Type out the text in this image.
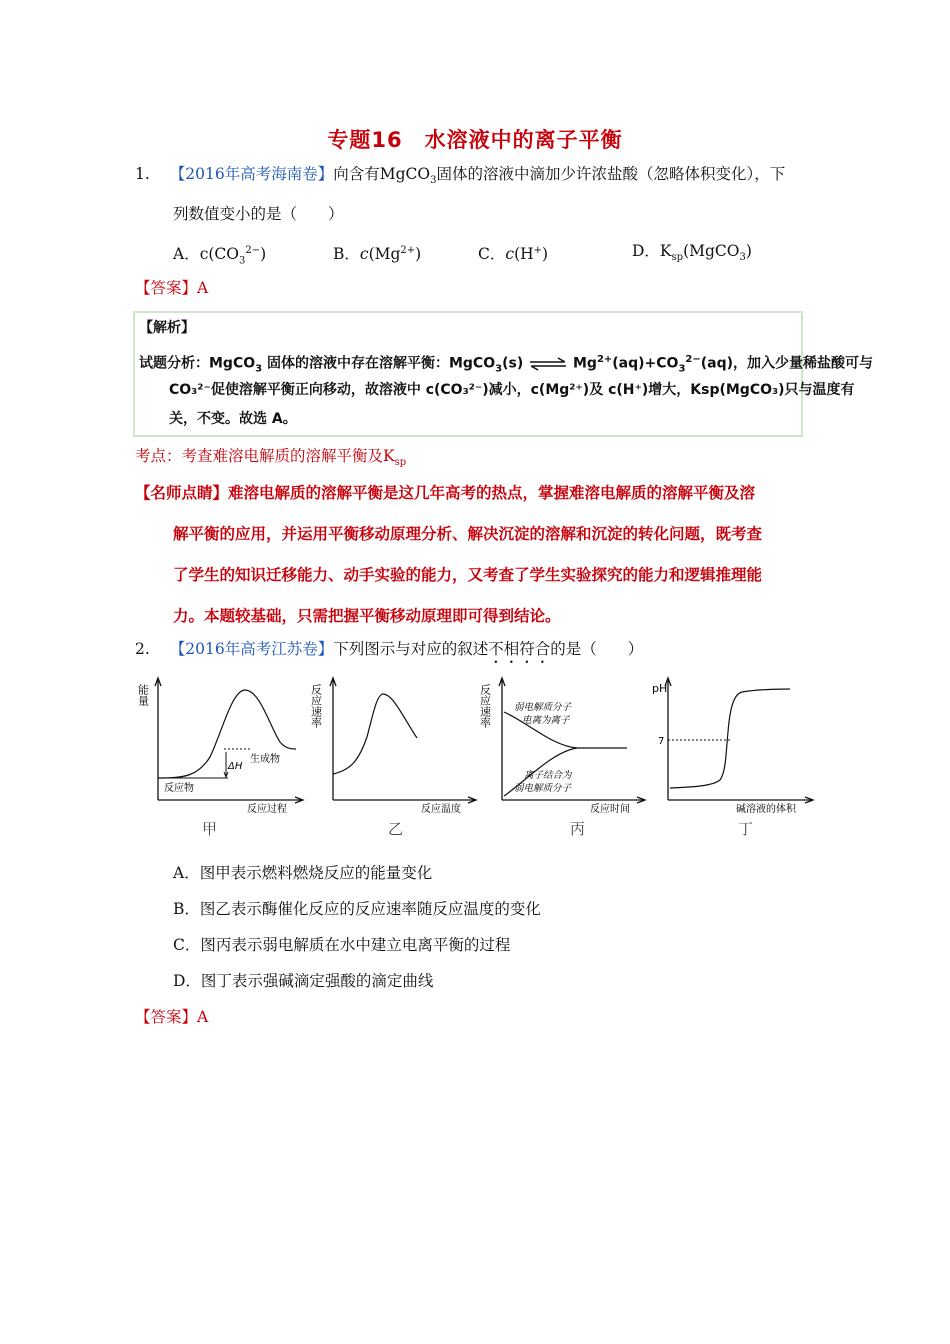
专题16　水溶液中的离子平衡
1. 【2016年高考海南卷】向含有MgCO$_3$固体的溶液中滴加少许浓盐酸（忽略体积变化），下
列数值变小的是（　　）
A．$c(CO_3^{2-})$	B．$c(Mg^{2+})$	C．c(H+)	D．$K_{sp}(MgCO_3)$
【答案】A
【解析】
试题分析：MgCO$_3$ 固体的溶液中存在溶解平衡：MgCO$_3$(s) ⇌ $Mg^{2+}(aq)+CO_3^{2-}(aq)$，加入少量稀盐酸可与
CO₃²⁻促使溶解平衡正向移动，故溶液中 c(CO₃²⁻)减小，c(Mg²⁺)及 c(H⁺)增大，Ksp(MgCO₃)只与温度有
关，不变。故选 A。
考点：考查难溶电解质的溶解平衡及$K_{sp}$
【名师点睛】难溶电解质的溶解平衡是这几年高考的热点，掌握难溶电解质的溶解平衡及溶
解平衡的应用，并运用平衡移动原理分析、解决沉淀的溶解和沉淀的转化问题，既考查
了学生的知识迁移能力、动手实验的能力，又考查了学生实验探究的能力和逻辑推理能
力。本题较基础，只需把握平衡移动原理即可得到结论。
2. 【2016年高考江苏卷】下列图示与对应的叙述不相符合的是（　　）
能量
ΔH
生成物
反应物
反应过程
甲
反应速率
反应温度
乙
反应速率 弱电解质分子
电离为离子
离子结合为
弱电解质分子
反应时间
丙
pH
7
碱溶液的体积
丁
A．图甲表示燃料燃烧反应的能量变化
B．图乙表示酶催化反应的反应速率随反应温度的变化
C．图丙表示弱电解质在水中建立电离平衡的过程
D．图丁表示强碱滴定强酸的滴定曲线
【答案】A
